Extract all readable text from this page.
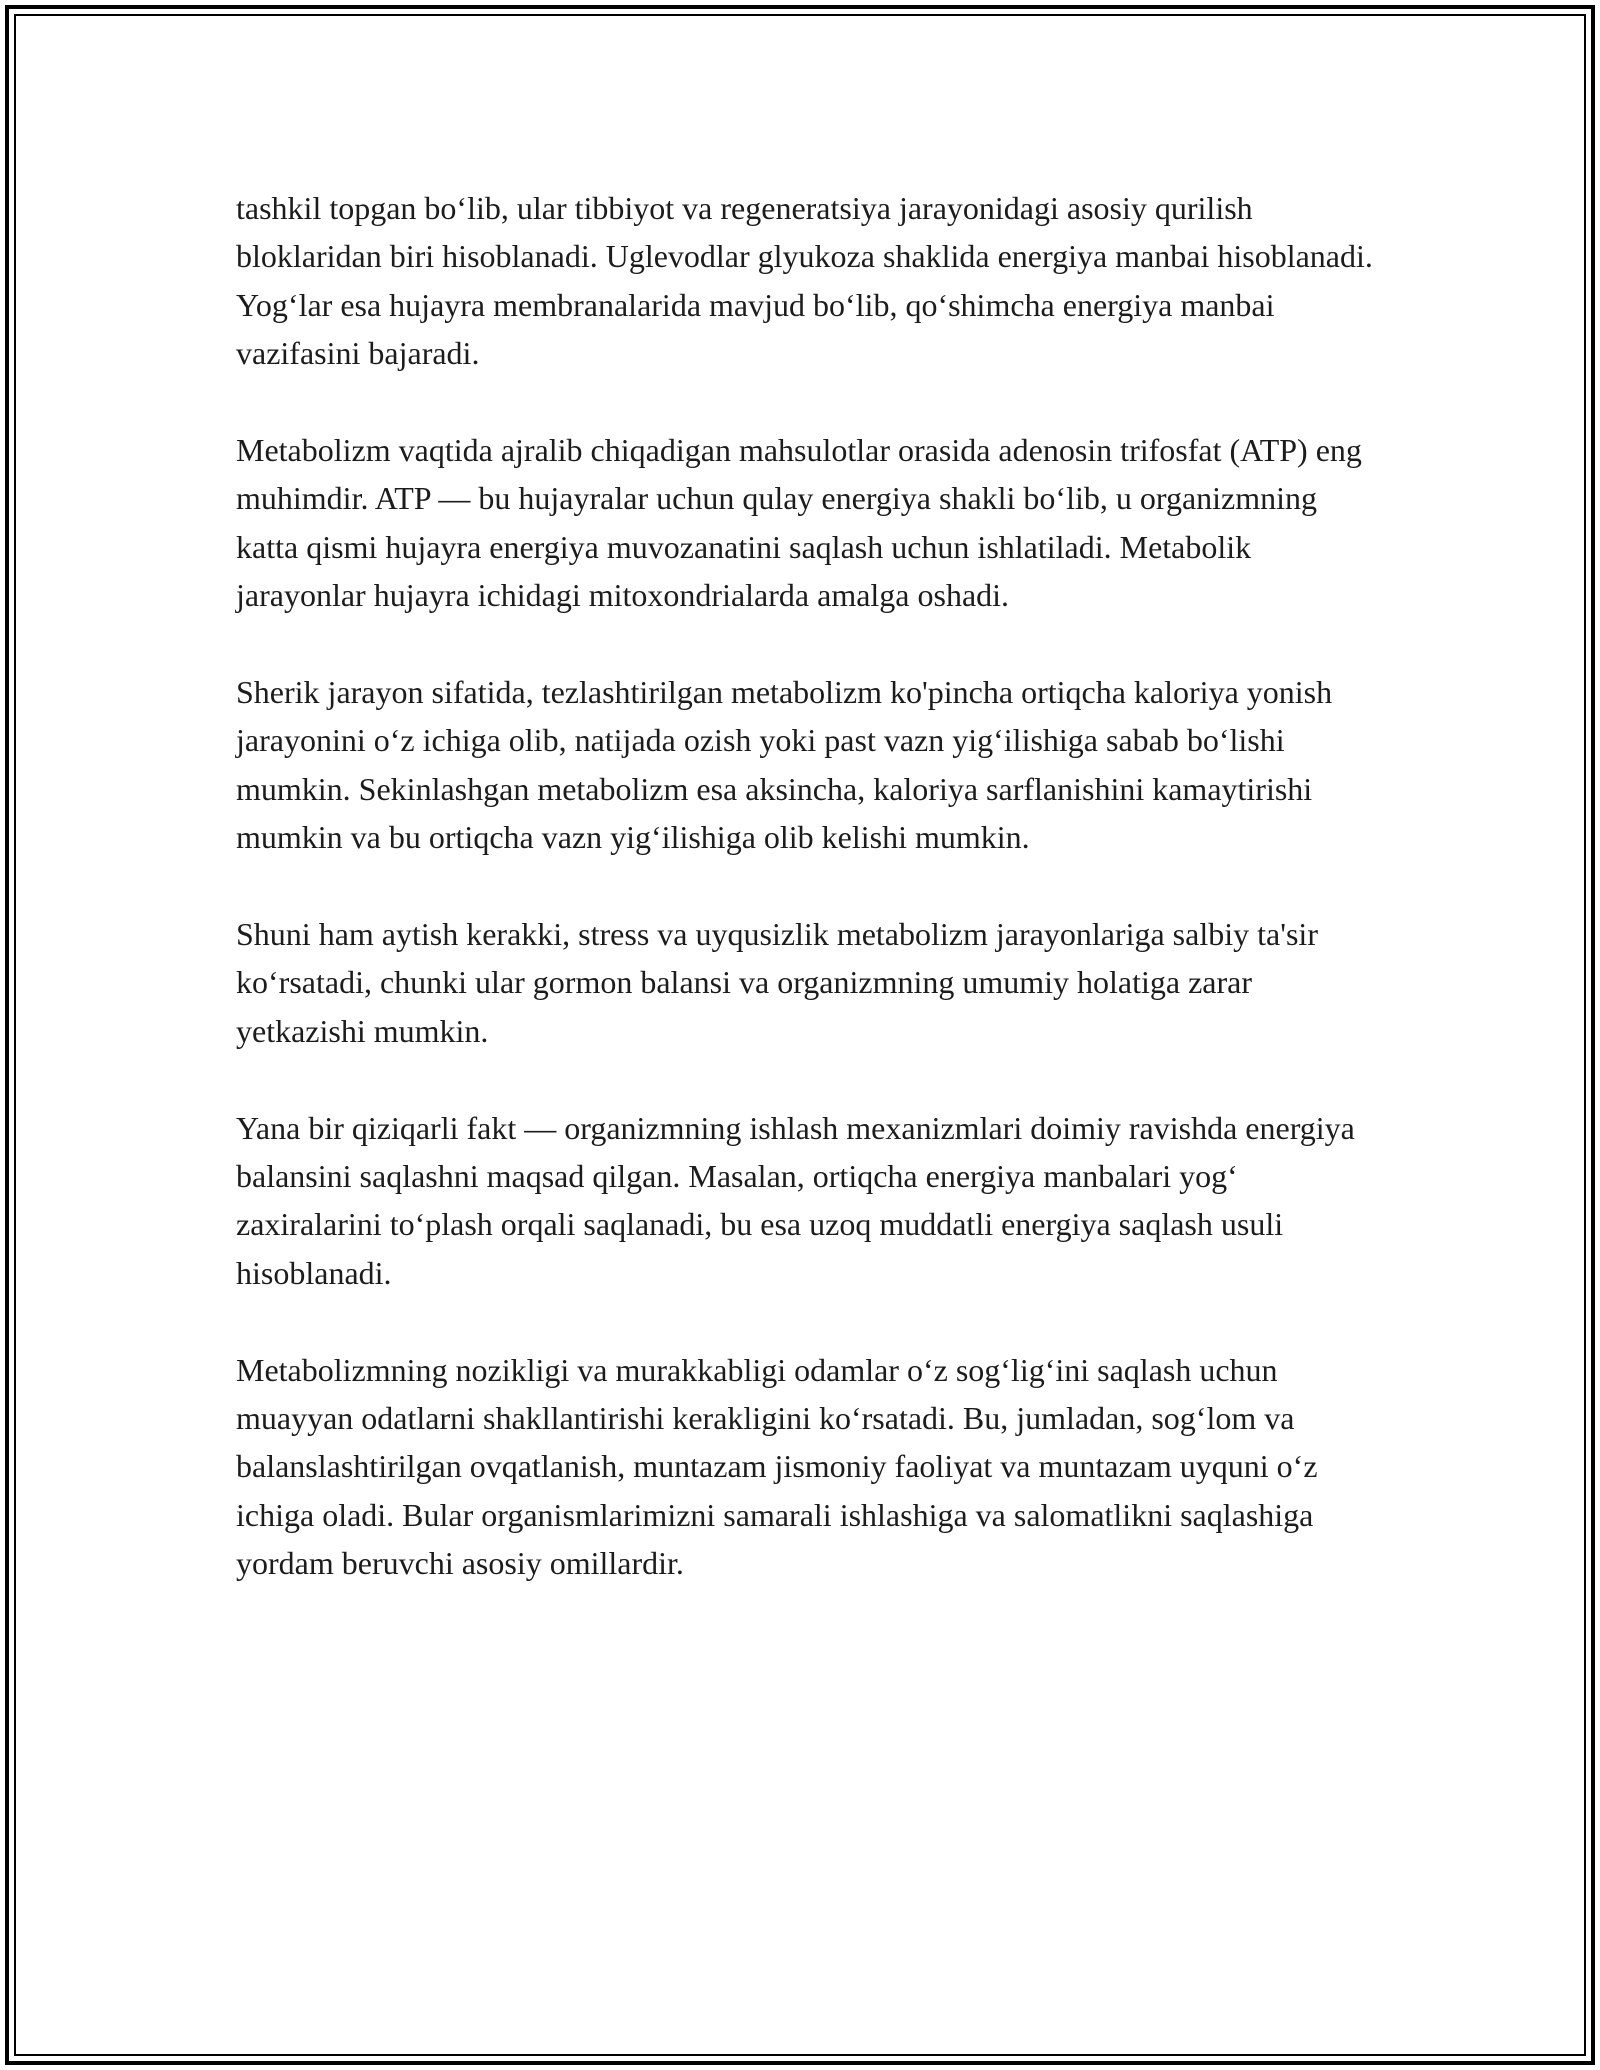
tashkil topgan bo‘lib, ular tibbiyot va regeneratsiya jarayonidagi asosiy qurilish bloklaridan biri hisoblanadi. Uglevodlar glyukoza shaklida energiya manbai hisoblanadi. Yog‘lar esa hujayra membranalarida mavjud bo‘lib, qo‘shimcha energiya manbai vazifasini bajaradi.

Metabolizm vaqtida ajralib chiqadigan mahsulotlar orasida adenosin trifosfat (ATP) eng muhimdir. ATP — bu hujayralar uchun qulay energiya shakli bo‘lib, u organizmning katta qismi hujayra energiya muvozanatini saqlash uchun ishlatiladi. Metabolik jarayonlar hujayra ichidagi mitoxondrialarda amalga oshadi.

Sherik jarayon sifatida, tezlashtirilgan metabolizm ko'pincha ortiqcha kaloriya yonish jarayonini o‘z ichiga olib, natijada ozish yoki past vazn yig‘ilishiga sabab bo‘lishi mumkin. Sekinlashgan metabolizm esa aksincha, kaloriya sarflanishini kamaytirishi mumkin va bu ortiqcha vazn yig‘ilishiga olib kelishi mumkin.

Shuni ham aytish kerakki, stress va uyqusizlik metabolizm jarayonlariga salbiy ta'sir ko‘rsatadi, chunki ular gormon balansi va organizmning umumiy holatiga zarar yetkazishi mumkin.

Yana bir qiziqarli fakt — organizmning ishlash mexanizmlari doimiy ravishda energiya balansini saqlashni maqsad qilgan. Masalan, ortiqcha energiya manbalari yog‘ zaxiralarini to‘plash orqali saqlanadi, bu esa uzoq muddatli energiya saqlash usuli hisoblanadi.

Metabolizmning nozikligi va murakkabligi odamlar o‘z sog‘lig‘ini saqlash uchun muayyan odatlarni shakllantirishi kerakligini ko‘rsatadi. Bu, jumladan, sog‘lom va balanslashtirilgan ovqatlanish, muntazam jismoniy faoliyat va muntazam uyquni o‘z ichiga oladi. Bular organismlarimizni samarali ishlashiga va salomatlikni saqlashiga yordam beruvchi asosiy omillardir.
